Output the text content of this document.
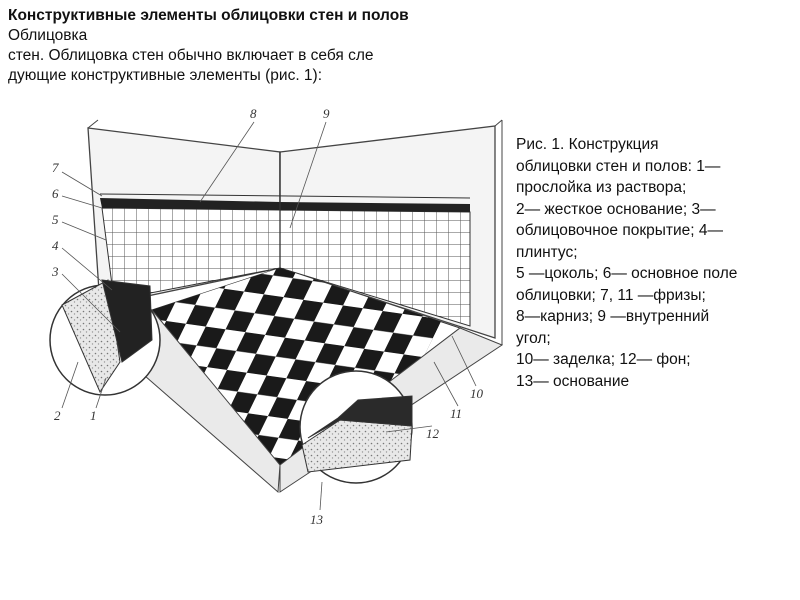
Конструктивные элементы облицовки стен и полов
Облицовка
стен. Облицовка стен обычно включает в себя сле
дующие конструктивные элементы (рис. 1):
8	9
7
6
5
4
3
2 1
10
11
12
13
Рис. 1. Конструкция
облицовки стен и полов: 1—
прослойка из раствора;
2— жесткое основание; 3—
облицовочное покрытие; 4—
плинтус;
5 —цоколь; 6— основное поле
облицовки; 7, 11 —фризы;
8—карниз; 9 —внутренний
угол;
10— заделка; 12— фон;
13— основание
